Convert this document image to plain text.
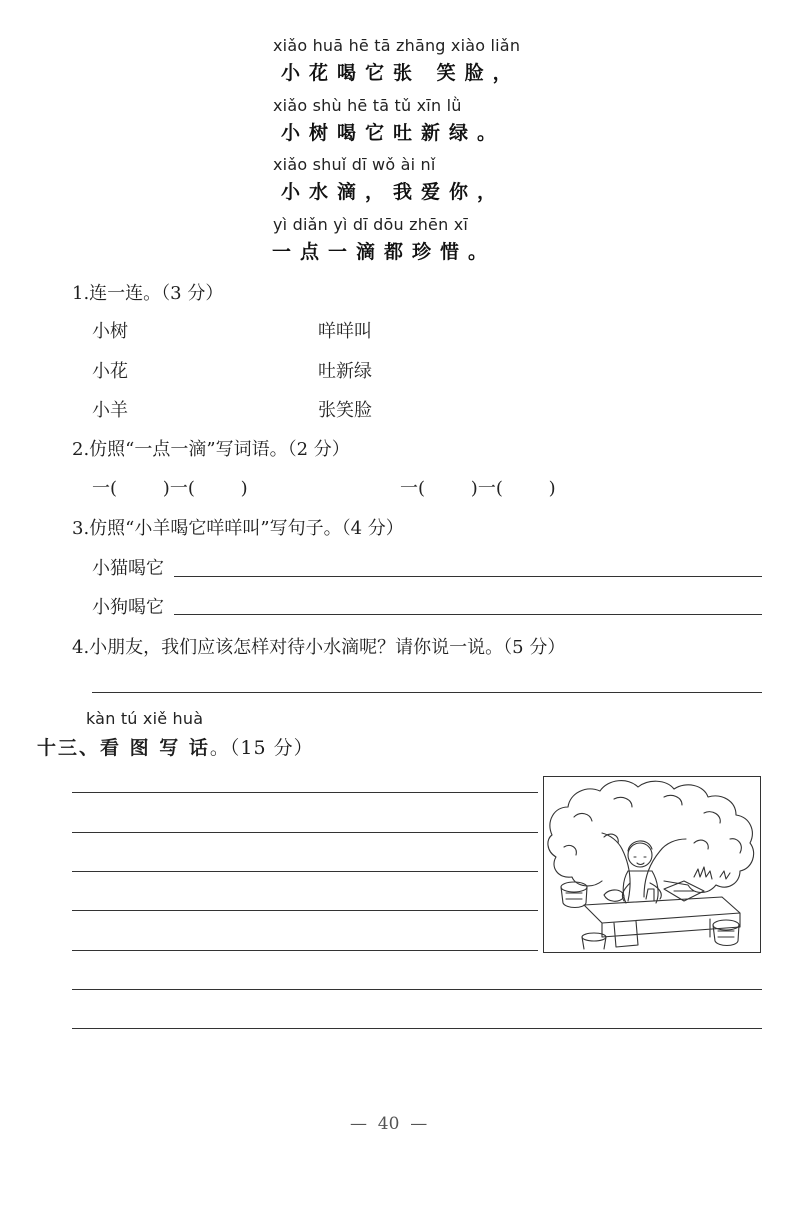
xiǎo huā hē tā zhāng xiào liǎn
小花喝它张 笑脸，
xiǎo shù hē tā tǔ xīn lǜ
小树喝它吐新绿。
xiǎo shuǐ dī wǒ ài nǐ
小水滴，我爱你，
yì diǎn yì dī dōu zhēn xī
一点一滴都珍惜。
1.连一连。（3 分）
小树	咩咩叫
小花	吐新绿
小羊	张笑脸
2.仿照“一点一滴”写词语。（2 分）
一(        )一(        )	一(        )一(        )
3.仿照“小羊喝它咩咩叫”写句子。（4 分）
小猫喝它
小狗喝它
4.小朋友，我们应该怎样对待小水滴呢？请你说一说。（5 分）
kàn tú xiě huà
十三、看 图 写 话。（15 分）
—  40  —
